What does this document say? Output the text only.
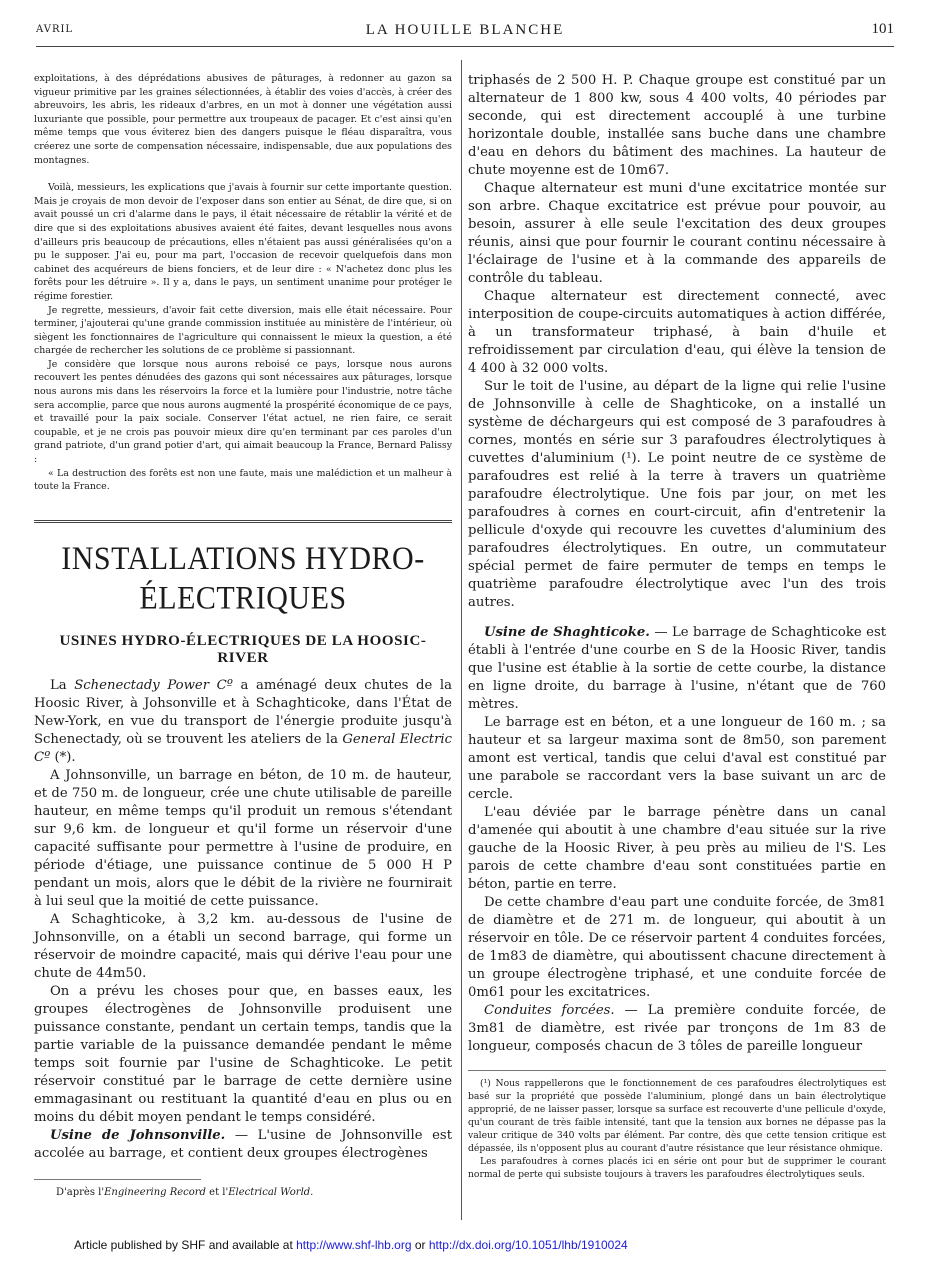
AVRIL	LA HOUILLE BLANCHE	101

exploitations, à des déprédations abusives de pâturages, à redonner au gazon sa vigueur primitive par les graines sélectionnées, à établir des voies d'accès, à créer des abreuvoirs, les abris, les rideaux d'arbres, en un mot à donner une végétation aussi luxuriante que possible, pour permettre aux troupeaux de pacager. Et c'est ainsi qu'en même temps que vous éviterez bien des dangers puisque le fléau disparaîtra, vous créerez une sorte de compensation nécessaire, indispensable, due aux populations des montagnes.

Voilà, messieurs, les explications que j'avais à fournir sur cette importante question. Mais je croyais de mon devoir de l'exposer dans son entier au Sénat, de dire que, si on avait poussé un cri d'alarme dans le pays, il était nécessaire de rétablir la vérité et de dire que si des exploitations abusives avaient été faites, devant lesquelles nous avons d'ailleurs pris beaucoup de précautions, elles n'étaient pas aussi généralisées qu'on a pu le supposer. J'ai eu, pour ma part, l'occasion de recevoir quelquefois dans mon cabinet des acquéreurs de biens fonciers, et de leur dire : « N'achetez donc plus les forêts pour les détruire ». Il y a, dans le pays, un sentiment unanime pour protéger le régime forestier.

Je regrette, messieurs, d'avoir fait cette diversion, mais elle était nécessaire. Pour terminer, j'ajouterai qu'une grande commission instituée au ministère de l'intérieur, où siègent les fonctionnaires de l'agriculture qui connaissent le mieux la question, a été chargée de rechercher les solutions de ce problème si passionnant.

Je considère que lorsque nous aurons reboisé ce pays, lorsque nous aurons recouvert les pentes dénudées des gazons qui sont nécessaires aux pâturages, lorsque nous aurons mis dans les réservoirs la force et la lumière pour l'industrie, notre tâche sera accomplie, parce que nous aurons augmenté la prospérité économique de ce pays, et travaillé pour la paix sociale. Conserver l'état actuel, ne rien faire, ce serait coupable, et je ne crois pas pouvoir mieux dire qu'en terminant par ces paroles d'un grand patriote, d'un grand potier d'art, qui aimait beaucoup la France, Bernard Palissy :

« La destruction des forêts est non une faute, mais une malédiction et un malheur à toute la France.

INSTALLATIONS HYDRO-ÉLECTRIQUES
USINES HYDRO-ÉLECTRIQUES DE LA HOOSIC-RIVER

La Schenectady Power Cº a aménagé deux chutes de la Hoosic River, à Johsonville et à Schaghticoke, dans l'État de New-York, en vue du transport de l'énergie produite jusqu'à Schenectady, où se trouvent les ateliers de la General Electric Cº (*).

A Johnsonville, un barrage en béton, de 10 m. de hauteur, et de 750 m. de longueur, crée une chute utilisable de pareille hauteur, en même temps qu'il produit un remous s'étendant sur 9,6 km. de longueur et qu'il forme un réservoir d'une capacité suffisante pour permettre à l'usine de produire, en période d'étiage, une puissance continue de 5 000 H P pendant un mois, alors que le débit de la rivière ne fournirait à lui seul que la moitié de cette puissance.

A Schaghticoke, à 3,2 km. au-dessous de l'usine de Johnsonville, on a établi un second barrage, qui forme un réservoir de moindre capacité, mais qui dérive l'eau pour une chute de 44m50.

On a prévu les choses pour que, en basses eaux, les groupes électrogènes de Johnsonville produisent une puissance constante, pendant un certain temps, tandis que la partie variable de la puissance demandée pendant le même temps soit fournie par l'usine de Schaghticoke. Le petit réservoir constitué par le barrage de cette dernière usine emmagasinant ou restituant la quantité d'eau en plus ou en moins du débit moyen pendant le temps considéré.

Usine de Johnsonville. — L'usine de Johnsonville est accolée au barrage, et contient deux groupes électrogènes

D'après l'Engineering Record et l'Electrical World.

triphasés de 2 500 H. P. Chaque groupe est constitué par un alternateur de 1 800 kw, sous 4 400 volts, 40 périodes par seconde, qui est directement accouplé à une turbine horizontale double, installée sans buche dans une chambre d'eau en dehors du bâtiment des machines. La hauteur de chute moyenne est de 10m67.

Chaque alternateur est muni d'une excitatrice montée sur son arbre. Chaque excitatrice est prévue pour pouvoir, au besoin, assurer à elle seule l'excitation des deux groupes réunis, ainsi que pour fournir le courant continu nécessaire à l'éclairage de l'usine et à la commande des appareils de contrôle du tableau.

Chaque alternateur est directement connecté, avec interposition de coupe-circuits automatiques à action différée, à un transformateur triphasé, à bain d'huile et refroidissement par circulation d'eau, qui élève la tension de 4 400 à 32 000 volts.

Sur le toit de l'usine, au départ de la ligne qui relie l'usine de Johnsonville à celle de Shaghticoke, on a installé un système de déchargeurs qui est composé de 3 parafoudres à cornes, montés en série sur 3 parafoudres électrolytiques à cuvettes d'aluminium (¹). Le point neutre de ce système de parafoudres est relié à la terre à travers un quatrième parafoudre électrolytique. Une fois par jour, on met les parafoudres à cornes en court-circuit, afin d'entretenir la pellicule d'oxyde qui recouvre les cuvettes d'aluminium des parafoudres électrolytiques. En outre, un commutateur spécial permet de faire permuter de temps en temps le quatrième parafoudre électrolytique avec l'un des trois autres.

Usine de Shaghticoke. — Le barrage de Schaghticoke est établi à l'entrée d'une courbe en S de la Hoosic River, tandis que l'usine est établie à la sortie de cette courbe, la distance en ligne droite, du barrage à l'usine, n'étant que de 760 mètres.

Le barrage est en béton, et a une longueur de 160 m. ; sa hauteur et sa largeur maxima sont de 8m50, son parement amont est vertical, tandis que celui d'aval est constitué par une parabole se raccordant vers la base suivant un arc de cercle.

L'eau déviée par le barrage pénètre dans un canal d'amenée qui aboutit à une chambre d'eau située sur la rive gauche de la Hoosic River, à peu près au milieu de l'S. Les parois de cette chambre d'eau sont constituées partie en béton, partie en terre.

De cette chambre d'eau part une conduite forcée, de 3m81 de diamètre et de 271 m. de longueur, qui aboutit à un réservoir en tôle. De ce réservoir partent 4 conduites forcées, de 1m83 de diamètre, qui aboutissent chacune directement à un groupe électrogène triphasé, et une conduite forcée de 0m61 pour les excitatrices.

Conduites forcées. — La première conduite forcée, de 3m81 de diamètre, est rivée par tronçons de 1m 83 de longueur, composés chacun de 3 tôles de pareille longueur

(¹) Nous rappellerons que le fonctionnement de ces parafoudres électrolytiques est basé sur la propriété que possède l'aluminium, plongé dans un bain électrolytique approprié, de ne laisser passer, lorsque sa surface est recouverte d'une pellicule d'oxyde, qu'un courant de très faible intensité, tant que la tension aux bornes ne dépasse pas la valeur critique de 340 volts par élément. Par contre, dès que cette tension critique est dépassée, ils n'opposent plus au courant d'autre résistance que leur résistance ohmique.

Les parafoudres à cornes placés ici en série ont pour but de supprimer le courant normal de perte qui subsiste toujours à travers les parafoudres électrolytiques seuls.

Article published by SHF and available at http://www.shf-lhb.org or http://dx.doi.org/10.1051/lhb/1910024
